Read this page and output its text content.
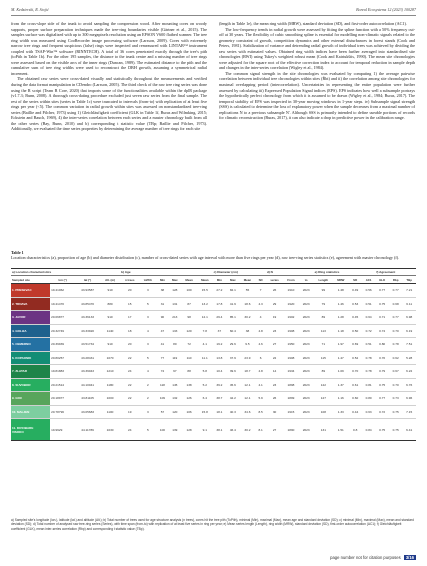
M. Kedzierski, R. Stojić	Boreal Ecosystems 12 (2023) 100287

from the cross-slope side of the trunk to avoid sampling the compression wood. After mounting cores on woody supports, proper surface preparation techniques made the tree-ring boundaries visible (Gärtner et al., 2015). The samples surface was digitalized with up to 300 megapixels resolution using an EPSON V600 flatbed scanner. The tree ring width was measured using CooRecorder image processing software (Larsson, 2009). Cores with extremely narrow tree rings and frequent suspicious (false) rings were inspected and remeasured with LINTAB™ instrument coupled with TSAP-Win™ software (RINNTECH). A total of 36 cores penetrated exactly through the tree's pith (toPith in Table 1b). For the other 195 samples, the distance to the trunk centre and a missing number of tree rings were assessed based on the visible arcs of the inner rings (Duncan, 1989). The estimated distance to the pith and the cumulative sum of tree ring widths were used to reconstruct the DBH growth, assuming a symmetrical radial increment.

The obtained raw series were cross-dated visually and statistically throughout the measurements and verified during the data format manipulation in CDendro (Larsson, 2005). The third check of the raw tree ring series was done using the R script (Team R Core, 2020) that imports some of the functionalities available within the dplR package (v1.7.3; Bunn, 2008). A thorough cross-dating procedure excluded just seven raw series from the final sample. The rest of the series within sites (series in Table 1c) were truncated to intervals (from-to) with replication of at least five rings per year (<5). The common variation in radial growth within sites was assessed on nonstandardized tree-ring series (Baillie and Pilcher, 1973) using 1) Gleichläufigkeit coefficient (GLK in Table 1f, Buras and Wilmking, 2015; Eckstein and Bauch, 1969), 4) the inter-series correlation between each series and a master chronology built from all the other series (Bay, Bunn, 2010) and b) corresponding t statistic value (TBp; Baillie and Pilcher, 1973). Additionally, we evaluated the time series properties by determining the average number of tree rings for each site

(length in Table 1e), the mean ring width (MRW), standard deviation (SD), and first-order autocorrelation (AC1).

The low-frequency trends in radial growth were assessed by fitting the spline function with a 50% frequency cut-off at 30 years. The flexibility of cubic smoothing spline is essential for modelling non-climatic signals related to the geometry constraint of growth, competition dynamics and other external disturbances in forest stands (Cook and Peters, 1981). Stabilization of variance and detrending radial growth of individual trees was achieved by dividing the raw series with estimated values. Obtained ring width indices have been further averaged into standardised site chronologies (RWI) using Tukey's weighted robust mean (Cook and Kairiukštis, 1990). The mean site chronologies were adjusted for the square root of the effective correction index to account for temporal reduction in sample depth and changes in the inter-series correlation (Wigley et al., 1984).

The common signal strength in the site chronologies was evaluated by computing 1) the average pairwise correlation between individual tree chronologies within sites (R̄bt) and ii) the correlation among site chronologies for maximal overlapping period (intercorrelation). Uncertainties in representing the entire population were further assessed by calculating iii) Expressed Population Signal indices (EPS). EPS indicates how well a subsample portrays the hypothetically perfect chronology from which it is assumed to be drawn (Wigley et al., 1984; Buras, 2017). The temporal stability of EPS was inspected in 30-year moving windows in 1-year steps. iv) Subsample signal strength (SSS) is calculated to determine the loss of explanatory power when the sample decreases from a maximal number of replications N to a previous subsample N'. Although SSS is primarily intended to define useable portions of records for climatic reconstruction (Buras, 2017), it can also indicate a drop in predictive power in the calibration range.

Table 1
Location characteristics (a), proportion of age (b) and diameter distribution (c), number of cross-dated series with age interval with more than five rings per year (d), raw tree-ring series statistics (e), agreement with master chronology (f).
a) Location characteristics				b) Age						c) Diameter (cm)				d) N			e) Ring statistics				f) Agreement		
Sampled site	lon (°)	lat (°)	Alt. (m)	n trees	toPith	Min	Max	Mean	Mean	Min	Max	Mean	SD	series	From	to	Length	MRW	SD	AC1	GLK	Rbp	TBp
1. PRESEVAC	19.41062	43.93587	910	20	3	38	128	100	15.5	27.2	82.1	55	7	26	1910	2023	99	1.48	0.49	0.56	0.77	0.77	7.21
2. TRNAVA	19.41470	43.85470	880	15	5	31	131	87	13.2	17.8	41.9	18.6	4.3	29	1920	2023	79	1.46	0.53	0.51	0.75	0.68	6.11
3. JAVOR	20.06877	43.36133	910	17	3	90	213	98	12.1	29.4	85.1	30.2	4	19	1902	2023	89	1.28	0.45	0.64	0.71	0.77	6.98
4. GOLIJA	20.32749	43.33920	1140	18	4	47	133	120	7.8	37	60.4	38	4.8	23	1908	2023	113	1.18	0.50	0.72	0.74	0.70	6.19
5. CEMERNO	20.39939	43.51734	910	20	3	41	80	72	4.1	19.2	29.6	9.5	4.6	27	1950	2023	71	1.97	0.69	0.51	0.80	0.78	7.51
6. KOPAONIK	20.80257	43.28431	1070	22	5	77	119	110	11.1	13.8	37.9	23.9	6	22	1908	2023	115	1.47	0.52	0.78	0.70	0.62	5.28
7. ZLATAR	19.81883	43.39043	1210	24	4	74	97	88	5.8	10.4	39.6	18.7	4.8	14	1934	2023	89	1.09	0.70	0.78	0.79	0.67	6.22
8. SUVOBOR	20.21514	44.10041	1180	22	2	118	145	138	5.2	39.2	45.6	12.1	4.1	23	1898	2023	122	1.37	0.61	0.81	0.75	0.70	6.76
9. GOC	20.18977	43.81105	1000	22	2	109	132	126	6.4	38.7	42.2	12.1	5.9	26	1899	2023	127	1.16	0.60	0.80	0.77	0.73	6.96
10. MALJEN	20.78796	43.05683	1100	19	3	57	120	106	15.8	18.1	40.3	34.6	8.5	30	1915	2023	108	1.33	0.44	0.63	0.72	0.75	7.15

11. DIVCIBARE
VISOKO	19.9929	44.11789	1030	24	5	100	139	128	9.1	38.1	46.4	30.2	8.1	27	1890	2023	131	1.51	0.8	0.84	0.75	0.75	6.41
a) Sampled site's longitude (lon.), latitude (lat.) and altitude (Alt.); b) Total number of trees used for age structure analysis (n trees), cores hit the tree pith (ToPith), minimal (Min), maximal (Max), mean age and standard deviation (SD); c) minimal (Min), maximal (Max), mean and standard deviation (SD); d) Total number of analysed raw tree-ring series (Series), with time span (from-to) with replication of at least five series in ring per year; e) Mean series length (Length), ring width (MRW), standard deviation (SD), first-order autocorrelation (AC1); f) Gleichläufigkeit coefficient (GLK), mean inter-series correlation (Rbp) and corresponding t statistic value (TBp).
page number not for citation purposes 3/16
